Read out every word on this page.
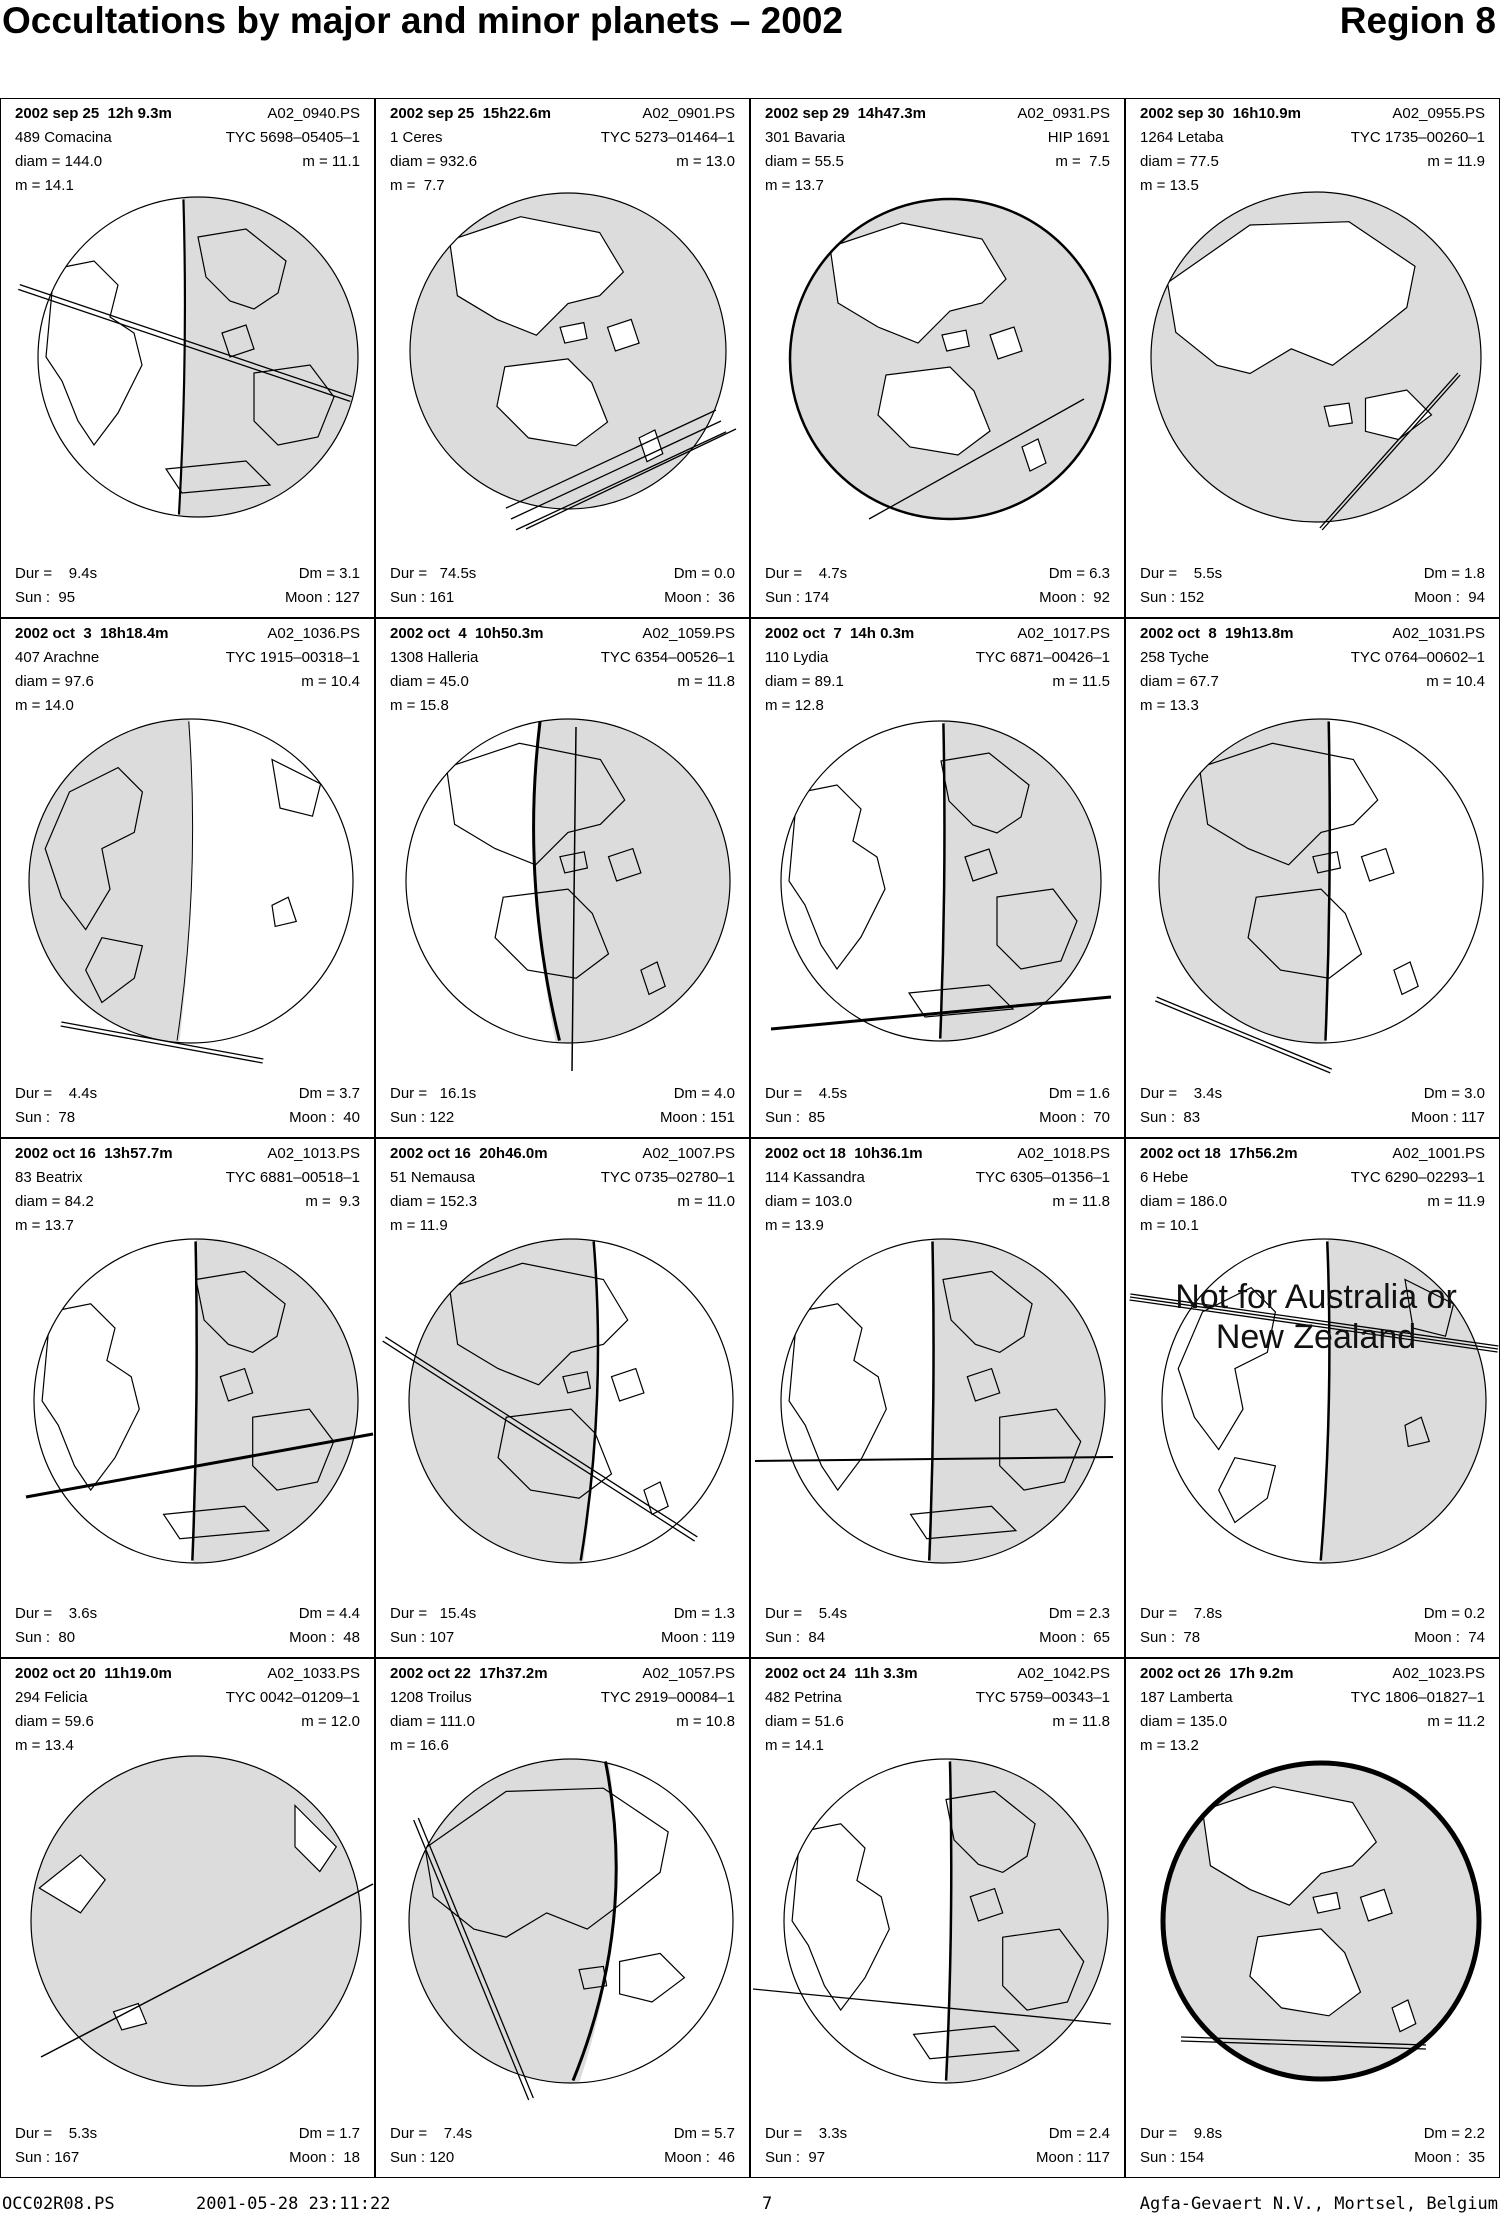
Occultations by major and minor planets – 2002	Region 8
2002 sep 25  12h 9.3m	A02_0940.PS
489 Comacina	TYC 5698–05405–1
diam = 144.0	m = 11.1
m = 14.1
Dur =    9.4s	Dm = 3.1
Sun :  95	Moon : 127
2002 sep 25  15h22.6m	A02_0901.PS
1 Ceres	TYC 5273–01464–1
diam = 932.6	m = 13.0
m =  7.7
Dur =   74.5s	Dm = 0.0
Sun : 161	Moon :  36
2002 sep 29  14h47.3m	A02_0931.PS
301 Bavaria	HIP 1691
diam = 55.5	m =  7.5
m = 13.7
Dur =    4.7s	Dm = 6.3
Sun : 174	Moon :  92
2002 sep 30  16h10.9m	A02_0955.PS
1264 Letaba	TYC 1735–00260–1
diam = 77.5	m = 11.9
m = 13.5
Dur =    5.5s	Dm = 1.8
Sun : 152	Moon :  94
2002 oct  3  18h18.4m	A02_1036.PS
407 Arachne	TYC 1915–00318–1
diam = 97.6	m = 10.4
m = 14.0
Dur =    4.4s	Dm = 3.7
Sun :  78	Moon :  40
2002 oct  4  10h50.3m	A02_1059.PS
1308 Halleria	TYC 6354–00526–1
diam = 45.0	m = 11.8
m = 15.8
Dur =   16.1s	Dm = 4.0
Sun : 122	Moon : 151
2002 oct  7  14h 0.3m	A02_1017.PS
110 Lydia	TYC 6871–00426–1
diam = 89.1	m = 11.5
m = 12.8
Dur =    4.5s	Dm = 1.6
Sun :  85	Moon :  70
2002 oct  8  19h13.8m	A02_1031.PS
258 Tyche	TYC 0764–00602–1
diam = 67.7	m = 10.4
m = 13.3
Dur =    3.4s	Dm = 3.0
Sun :  83	Moon : 117
2002 oct 16  13h57.7m	A02_1013.PS
83 Beatrix	TYC 6881–00518–1
diam = 84.2	m =  9.3
m = 13.7
Dur =    3.6s	Dm = 4.4
Sun :  80	Moon :  48
2002 oct 16  20h46.0m	A02_1007.PS
51 Nemausa	TYC 0735–02780–1
diam = 152.3	m = 11.0
m = 11.9
Dur =   15.4s	Dm = 1.3
Sun : 107	Moon : 119
2002 oct 18  10h36.1m	A02_1018.PS
114 Kassandra	TYC 6305–01356–1
diam = 103.0	m = 11.8
m = 13.9
Dur =    5.4s	Dm = 2.3
Sun :  84	Moon :  65
2002 oct 18  17h56.2m	A02_1001.PS
6 Hebe	TYC 6290–02293–1
diam = 186.0	m = 11.9
m = 10.1
Dur =    7.8s	Dm = 0.2
Sun :  78	Moon :  74
Not for Australia or New Zealand
2002 oct 20  11h19.0m	A02_1033.PS
294 Felicia	TYC 0042–01209–1
diam = 59.6	m = 12.0
m = 13.4
Dur =    5.3s	Dm = 1.7
Sun : 167	Moon :  18
2002 oct 22  17h37.2m	A02_1057.PS
1208 Troilus	TYC 2919–00084–1
diam = 111.0	m = 10.8
m = 16.6
Dur =    7.4s	Dm = 5.7
Sun : 120	Moon :  46
2002 oct 24  11h 3.3m	A02_1042.PS
482 Petrina	TYC 5759–00343–1
diam = 51.6	m = 11.8
m = 14.1
Dur =    3.3s	Dm = 2.4
Sun :  97	Moon : 117
2002 oct 26  17h 9.2m	A02_1023.PS
187 Lamberta	TYC 1806–01827–1
diam = 135.0	m = 11.2
m = 13.2
Dur =    9.8s	Dm = 2.2
Sun : 154	Moon :  35
OCC02R08.PS	2001-05-28 23:11:22	7	Agfa-Gevaert N.V., Mortsel, Belgium
